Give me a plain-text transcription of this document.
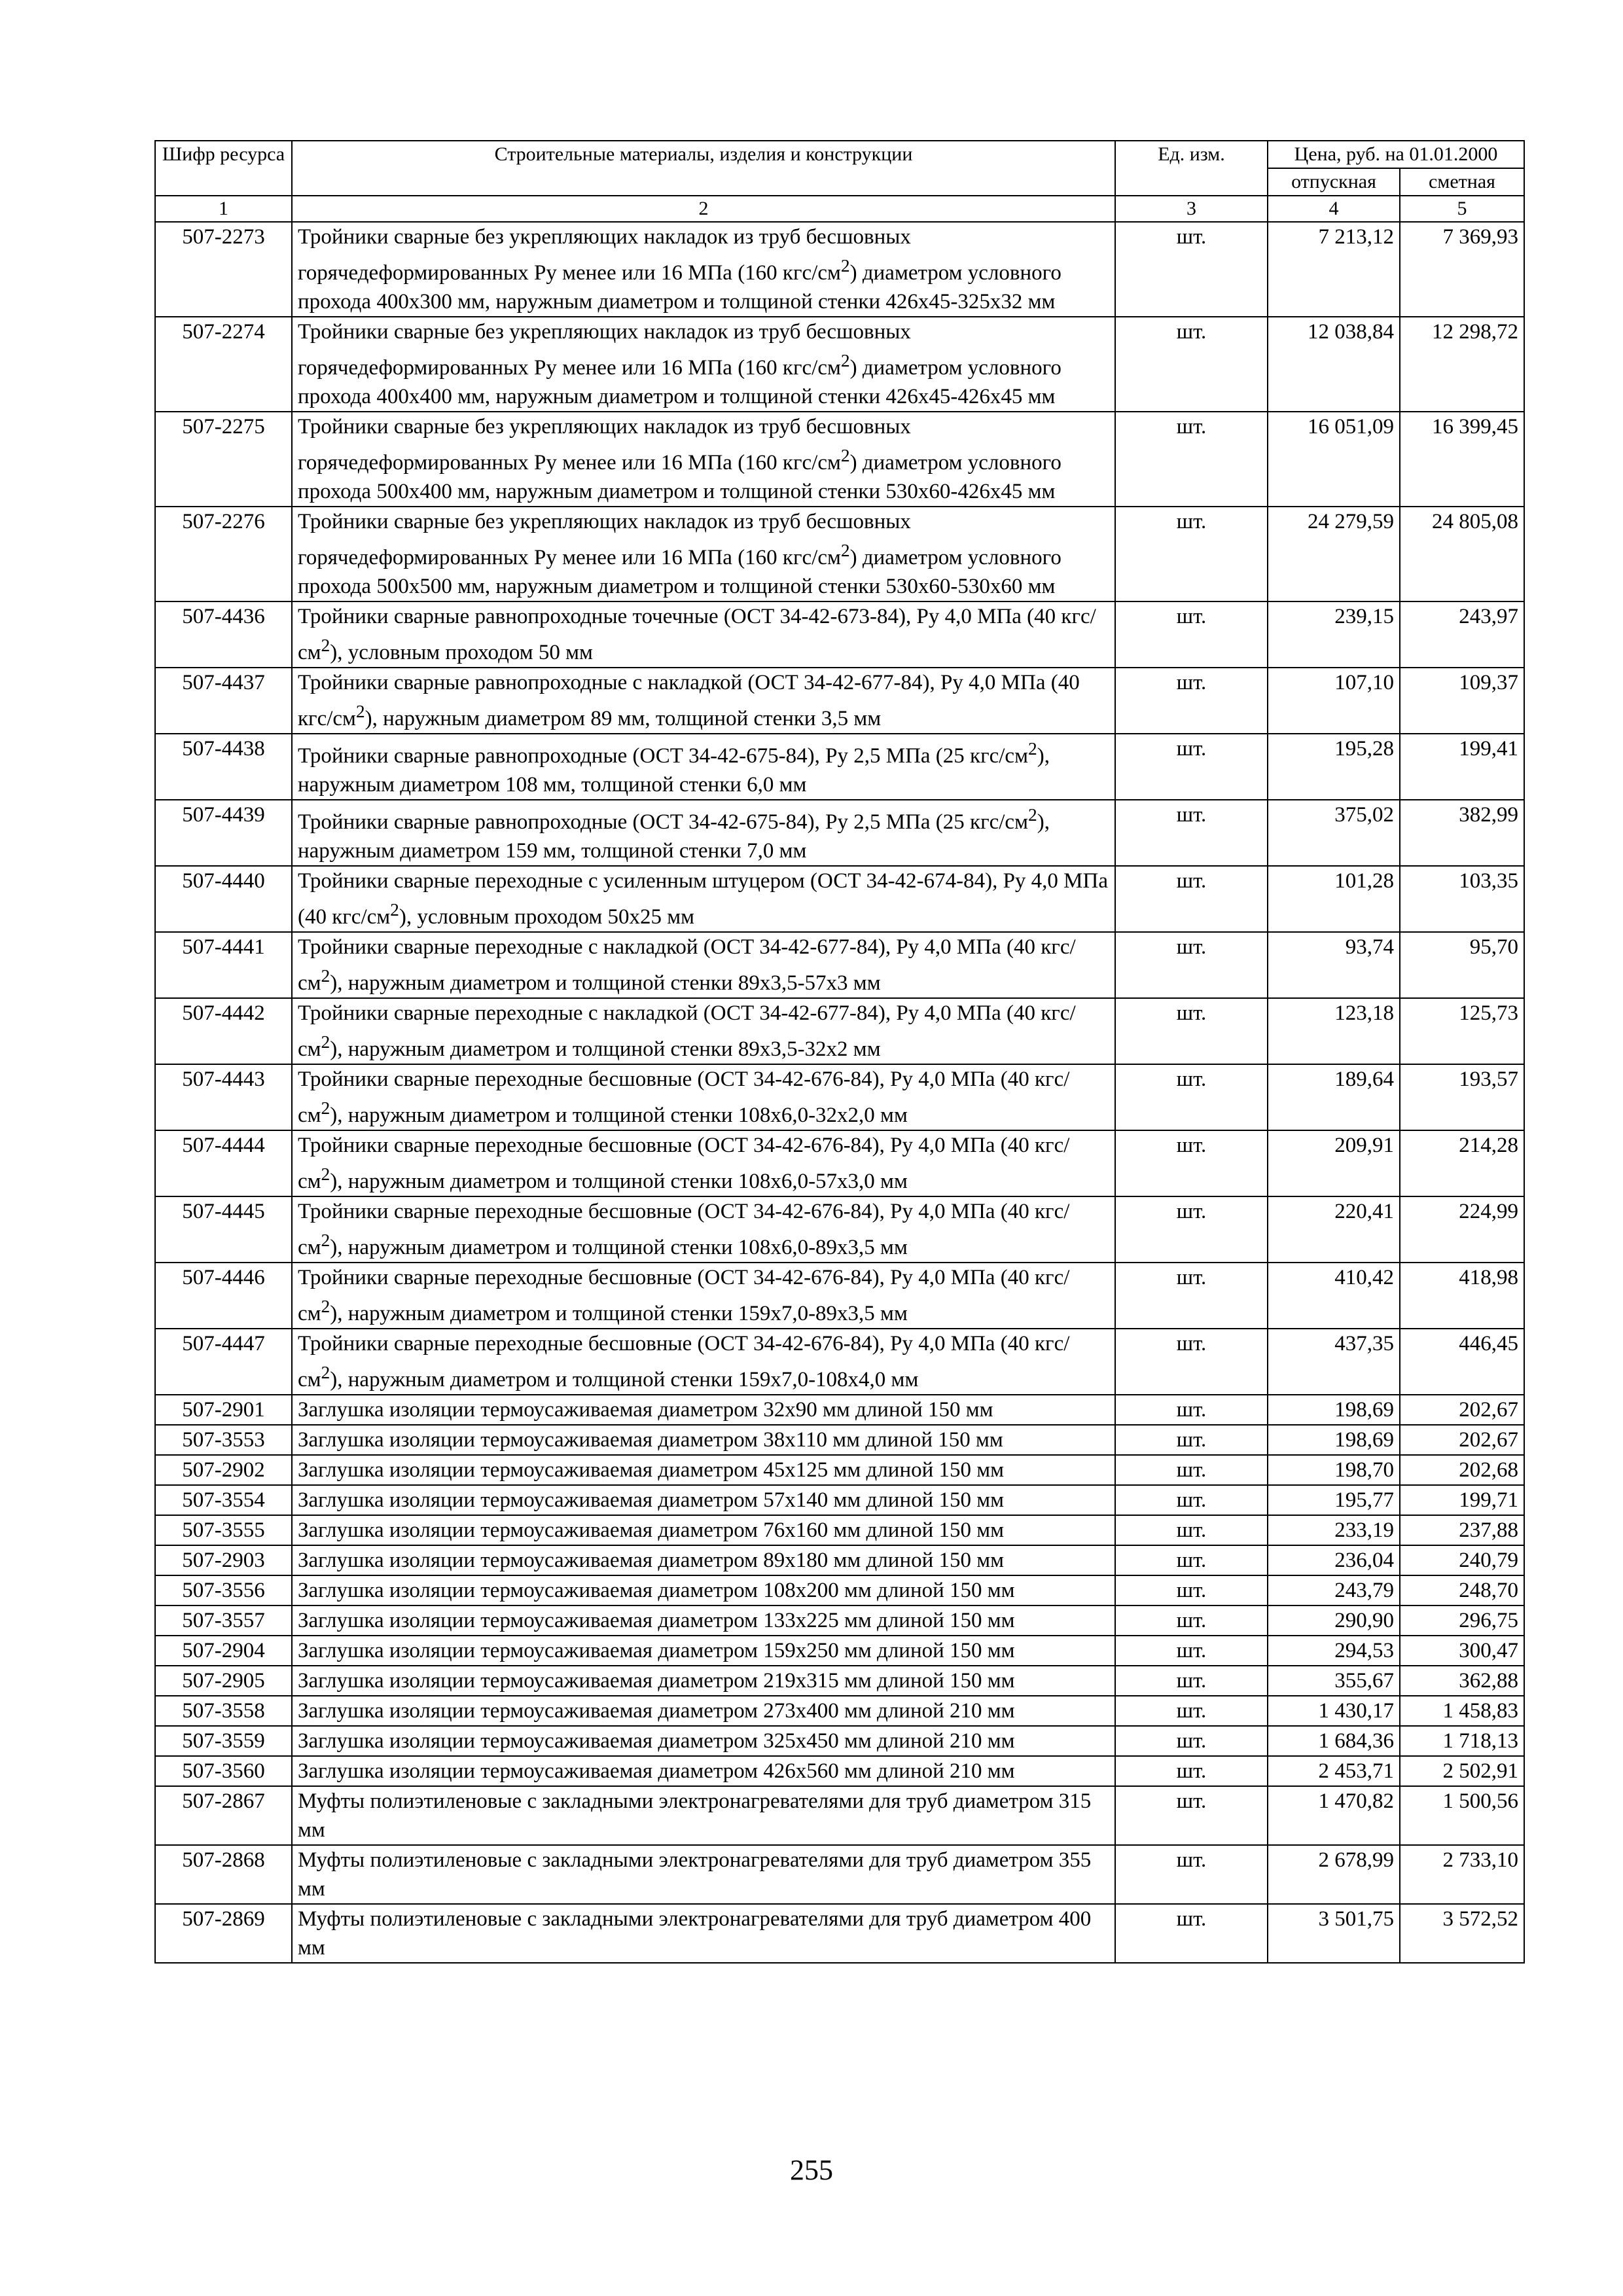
Шифр ресурса	Строительные материалы, изделия и конструкции	Ед. изм.	Цена, руб. на 01.01.2000	
			отпускная	сметная
1	2	3	4	5
507-2273	Тройники сварные без укрепляющих накладок из труб бесшовных горячедеформированных Ру менее или 16 МПа (160 кгс/$см^2$) диаметром условного прохода 400х300 мм, наружным диаметром и толщиной стенки 426х45-325х32 мм	шт.	7 213,12	7 369,93
507-2274	Тройники сварные без укрепляющих накладок из труб бесшовных горячедеформированных Ру менее или 16 МПа (160 кгс/$см^2$) диаметром условного прохода 400х400 мм, наружным диаметром и толщиной стенки 426х45-426х45 мм	шт.	12 038,84	12 298,72
507-2275	Тройники сварные без укрепляющих накладок из труб бесшовных горячедеформированных Ру менее или 16 МПа (160 кгс/$см^2$) диаметром условного прохода 500х400 мм, наружным диаметром и толщиной стенки 530х60-426х45 мм	шт.	16 051,09	16 399,45
507-2276	Тройники сварные без укрепляющих накладок из труб бесшовных горячедеформированных Ру менее или 16 МПа (160 кгс/$см^2$) диаметром условного прохода 500х500 мм, наружным диаметром и толщиной стенки 530х60-530х60 мм	шт.	24 279,59	24 805,08
507-4436	Тройники сварные равнопроходные точечные (ОСТ 34-42-673-84), Ру 4,0 МПа (40 кгс/$см^2$), условным проходом 50 мм	шт.	239,15	243,97
507-4437	Тройники сварные равнопроходные с накладкой (ОСТ 34-42-677-84), Ру 4,0 МПа (40 кгс/$см^2$), наружным диаметром 89 мм, толщиной стенки 3,5 мм	шт.	107,10	109,37
507-4438	Тройники сварные равнопроходные (ОСТ 34-42-675-84), Ру 2,5 МПа (25 кгс/$см^2$), наружным диаметром 108 мм, толщиной стенки 6,0 мм	шт.	195,28	199,41
507-4439	Тройники сварные равнопроходные (ОСТ 34-42-675-84), Ру 2,5 МПа (25 кгс/$см^2$), наружным диаметром 159 мм, толщиной стенки 7,0 мм	шт.	375,02	382,99
507-4440	Тройники сварные переходные с усиленным штуцером (ОСТ 34-42-674-84), Ру 4,0 МПа (40 кгс/$см^2$), условным проходом 50х25 мм	шт.	101,28	103,35
507-4441	Тройники сварные переходные с накладкой (ОСТ 34-42-677-84), Ру 4,0 МПа (40 кгс/$см^2$), наружным диаметром и толщиной стенки 89х3,5-57х3 мм	шт.	93,74	95,70
507-4442	Тройники сварные переходные с накладкой (ОСТ 34-42-677-84), Ру 4,0 МПа (40 кгс/$см^2$), наружным диаметром и толщиной стенки 89х3,5-32х2 мм	шт.	123,18	125,73
507-4443	Тройники сварные переходные бесшовные (ОСТ 34-42-676-84), Ру 4,0 МПа (40 кгс/$см^2$), наружным диаметром и толщиной стенки 108х6,0-32х2,0 мм	шт.	189,64	193,57
507-4444	Тройники сварные переходные бесшовные (ОСТ 34-42-676-84), Ру 4,0 МПа (40 кгс/$см^2$), наружным диаметром и толщиной стенки 108х6,0-57х3,0 мм	шт.	209,91	214,28
507-4445	Тройники сварные переходные бесшовные (ОСТ 34-42-676-84), Ру 4,0 МПа (40 кгс/$см^2$), наружным диаметром и толщиной стенки 108х6,0-89х3,5 мм	шт.	220,41	224,99
507-4446	Тройники сварные переходные бесшовные (ОСТ 34-42-676-84), Ру 4,0 МПа (40 кгс/$см^2$), наружным диаметром и толщиной стенки 159х7,0-89х3,5 мм	шт.	410,42	418,98
507-4447	Тройники сварные переходные бесшовные (ОСТ 34-42-676-84), Ру 4,0 МПа (40 кгс/$см^2$), наружным диаметром и толщиной стенки 159х7,0-108х4,0 мм	шт.	437,35	446,45
507-2901	Заглушка изоляции термоусаживаемая диаметром 32х90 мм длиной 150 мм	шт.	198,69	202,67
507-3553	Заглушка изоляции термоусаживаемая диаметром 38х110 мм длиной 150 мм	шт.	198,69	202,67
507-2902	Заглушка изоляции термоусаживаемая диаметром 45х125 мм длиной 150 мм	шт.	198,70	202,68
507-3554	Заглушка изоляции термоусаживаемая диаметром 57х140 мм длиной 150 мм	шт.	195,77	199,71
507-3555	Заглушка изоляции термоусаживаемая диаметром 76х160 мм длиной 150 мм	шт.	233,19	237,88
507-2903	Заглушка изоляции термоусаживаемая диаметром 89х180 мм длиной 150 мм	шт.	236,04	240,79
507-3556	Заглушка изоляции термоусаживаемая диаметром 108х200 мм длиной 150 мм	шт.	243,79	248,70
507-3557	Заглушка изоляции термоусаживаемая диаметром 133х225 мм длиной 150 мм	шт.	290,90	296,75
507-2904	Заглушка изоляции термоусаживаемая диаметром 159х250 мм длиной 150 мм	шт.	294,53	300,47
507-2905	Заглушка изоляции термоусаживаемая диаметром 219х315 мм длиной 150 мм	шт.	355,67	362,88
507-3558	Заглушка изоляции термоусаживаемая диаметром 273х400 мм длиной 210 мм	шт.	1 430,17	1 458,83
507-3559	Заглушка изоляции термоусаживаемая диаметром 325х450 мм длиной 210 мм	шт.	1 684,36	1 718,13
507-3560	Заглушка изоляции термоусаживаемая диаметром 426х560 мм длиной 210 мм	шт.	2 453,71	2 502,91
507-2867	Муфты полиэтиленовые с закладными электронагревателями для труб диаметром 315 мм	шт.	1 470,82	1 500,56
507-2868	Муфты полиэтиленовые с закладными электронагревателями для труб диаметром 355 мм	шт.	2 678,99	2 733,10
507-2869	Муфты полиэтиленовые с закладными электронагревателями для труб диаметром 400 мм	шт.	3 501,75	3 572,52
255
